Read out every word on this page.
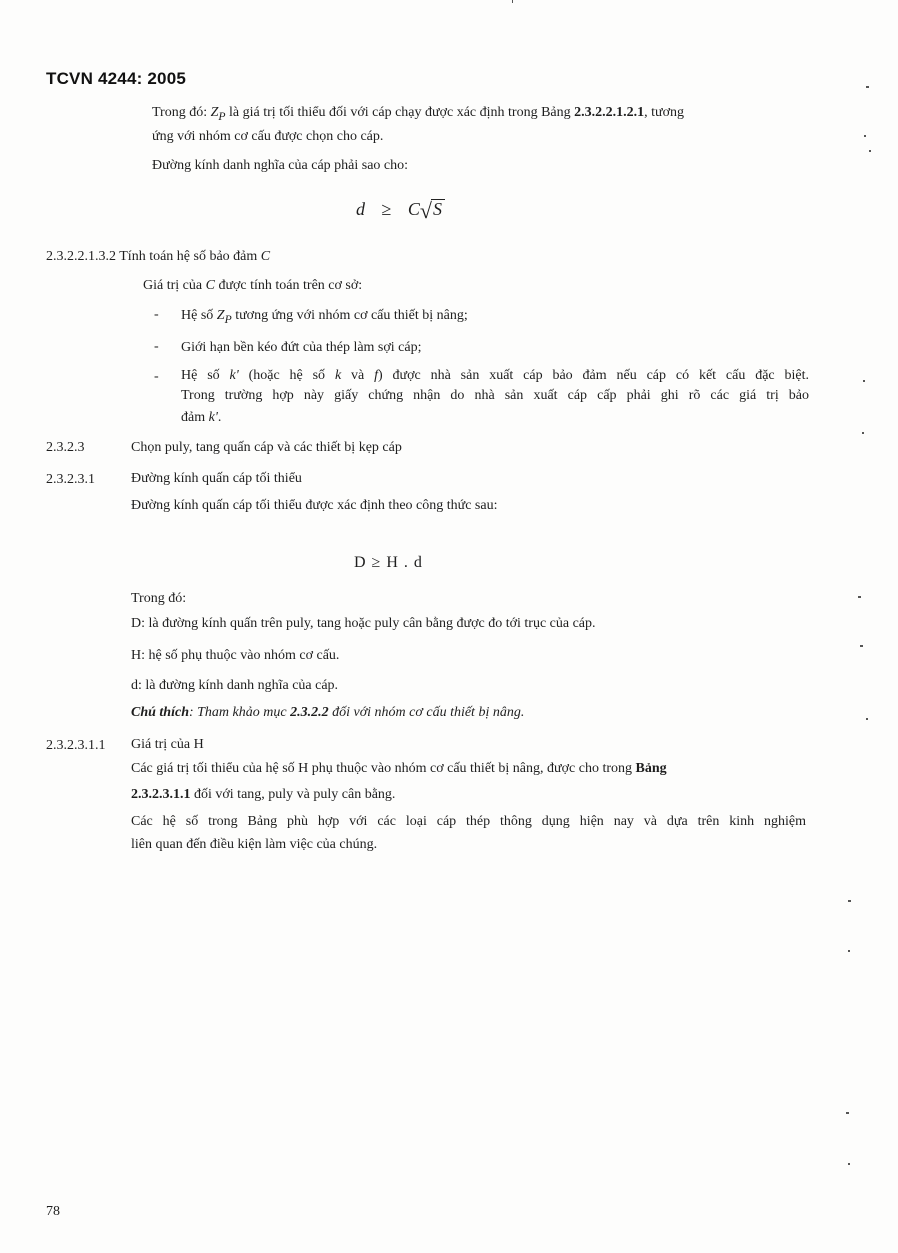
TCVN 4244: 2005
Trong đó: $Z_P$ là giá trị tối thiểu đối với cáp chạy được xác định trong Bảng 2.3.2.2.1.2.1, tương
ứng với nhóm cơ cấu được chọn cho cáp.
Đường kính danh nghĩa của cáp phải sao cho:
d ≥ C√S
2.3.2.2.1.3.2 Tính toán hệ số bảo đảm C
Giá trị của C được tính toán trên cơ sở:
- Hệ số $Z_P$ tương ứng với nhóm cơ cấu thiết bị nâng;
- Giới hạn bền kéo đứt của thép làm sợi cáp;
- Hệ số k' (hoặc hệ số k và f) được nhà sản xuất cáp bảo đảm nếu cáp có kết cấu đặc biệt.
Trong trường hợp này giấy chứng nhận do nhà sản xuất cáp cấp phải ghi rõ các giá trị bảo
đảm k'.
2.3.2.3	Chọn puly, tang quấn cáp và các thiết bị kẹp cáp
2.3.2.3.1	Đường kính quấn cáp tối thiểu
Đường kính quấn cáp tối thiểu được xác định theo công thức sau:
D ≥ H . d
Trong đó:
D: là đường kính quấn trên puly, tang hoặc puly cân bằng được đo tới trục của cáp.
H: hệ số phụ thuộc vào nhóm cơ cấu.
d: là đường kính danh nghĩa của cáp.
Chú thích: Tham khảo mục 2.3.2.2 đối với nhóm cơ cấu thiết bị nâng.
2.3.2.3.1.1 Giá trị của H
Các giá trị tối thiểu của hệ số H phụ thuộc vào nhóm cơ cấu thiết bị nâng, được cho trong Bảng
2.3.2.3.1.1 đối với tang, puly và puly cân bằng.
Các hệ số trong Bảng phù hợp với các loại cáp thép thông dụng hiện nay và dựa trên kinh nghiệm
liên quan đến điều kiện làm việc của chúng.
78
